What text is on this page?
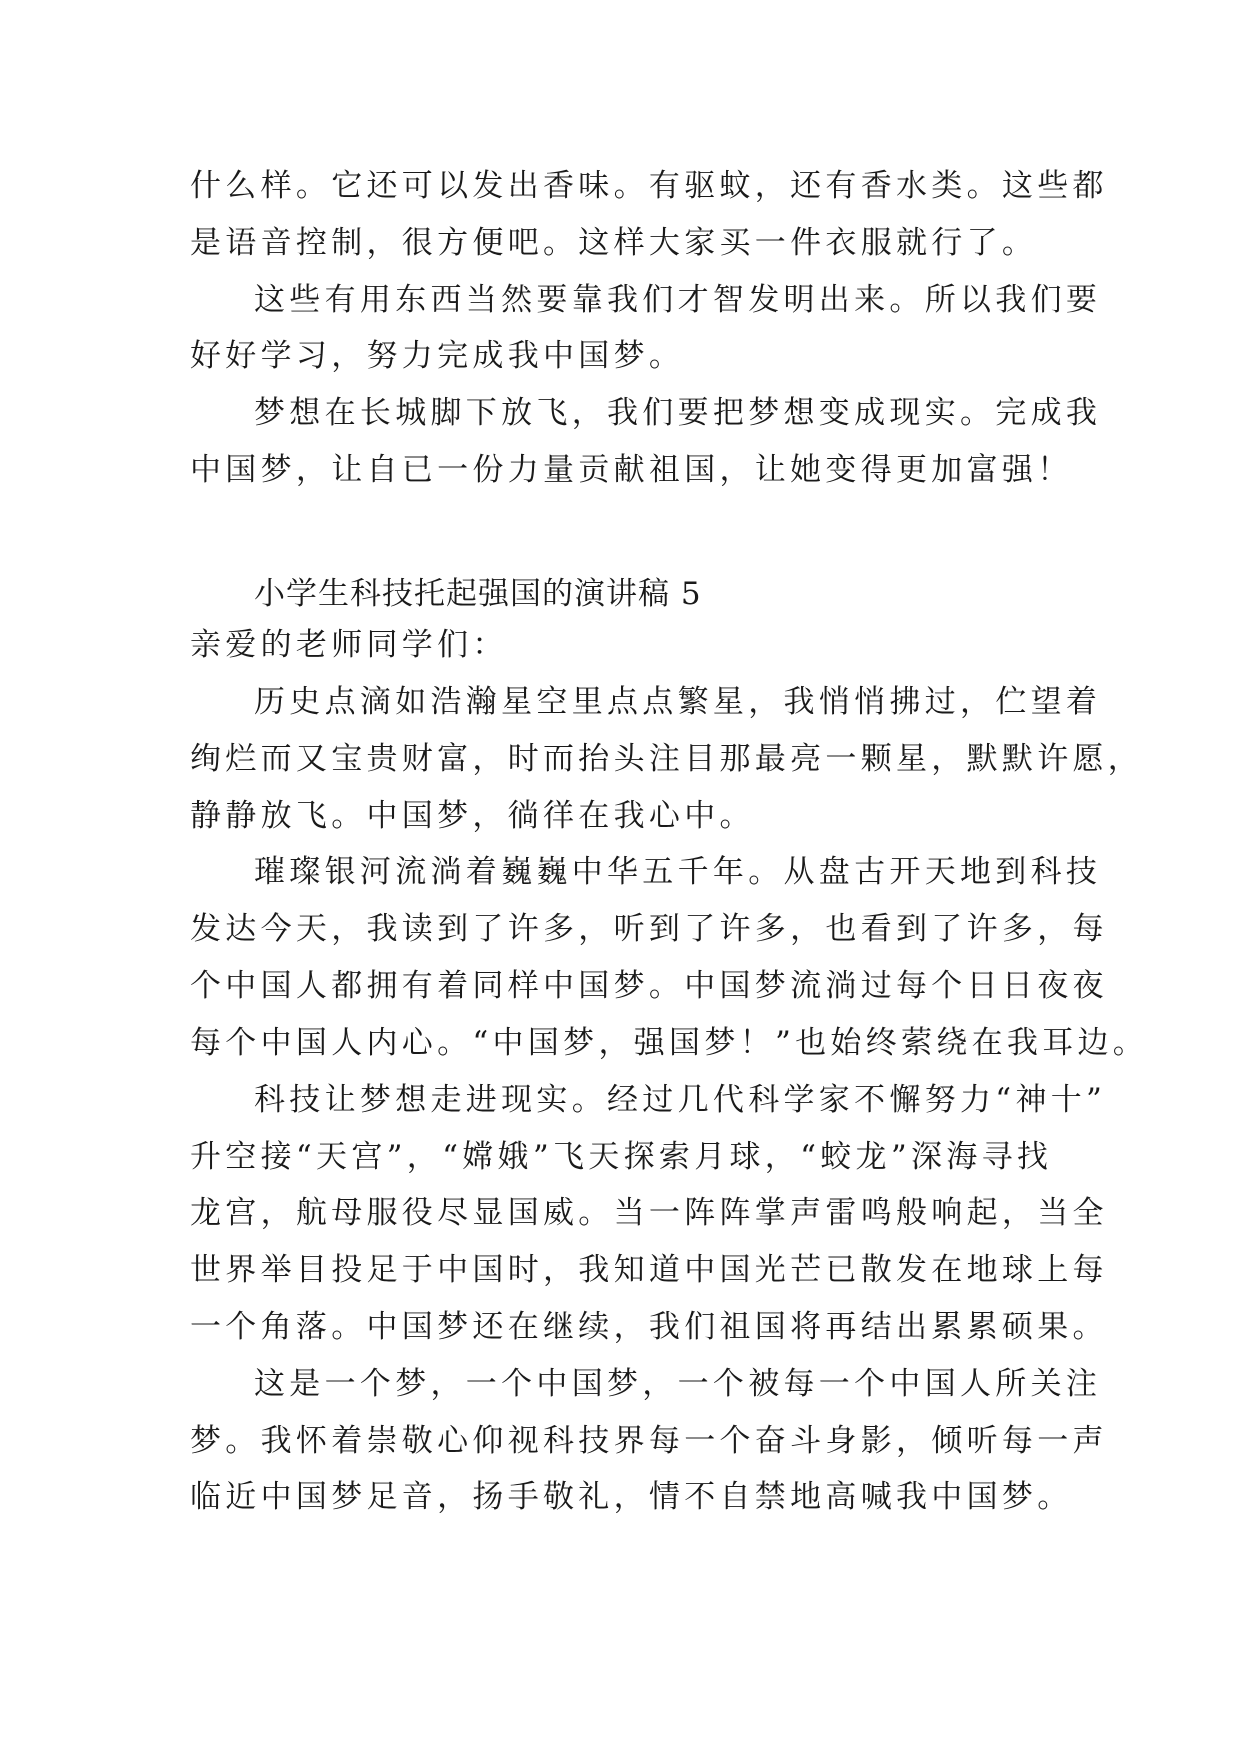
什么样。它还可以发出香味。有驱蚊，还有香水类。这些都
是语音控制，很方便吧。这样大家买一件衣服就行了。
这些有用东西当然要靠我们才智发明出来。所以我们要
好好学习，努力完成我中国梦。
梦想在长城脚下放飞，我们要把梦想变成现实。完成我
中国梦，让自已一份力量贡献祖国，让她变得更加富强！
小学生科技托起强国的演讲稿 5
亲爱的老师同学们：
历史点滴如浩瀚星空里点点繁星，我悄悄拂过，伫望着
绚烂而又宝贵财富，时而抬头注目那最亮一颗星，默默许愿，
静静放飞。中国梦，徜徉在我心中。
璀璨银河流淌着巍巍中华五千年。从盘古开天地到科技
发达今天，我读到了许多，听到了许多，也看到了许多，每
个中国人都拥有着同样中国梦。中国梦流淌过每个日日夜夜
每个中国人内心。“中国梦，强国梦！”也始终萦绕在我耳边。
科技让梦想走进现实。经过几代科学家不懈努力“神十”
升空接“天宫”，“嫦娥”飞天探索月球，“蛟龙”深海寻找
龙宫，航母服役尽显国威。当一阵阵掌声雷鸣般响起，当全
世界举目投足于中国时，我知道中国光芒已散发在地球上每
一个角落。中国梦还在继续，我们祖国将再结出累累硕果。
这是一个梦，一个中国梦，一个被每一个中国人所关注
梦。我怀着崇敬心仰视科技界每一个奋斗身影，倾听每一声
临近中国梦足音，扬手敬礼，情不自禁地高喊我中国梦。
